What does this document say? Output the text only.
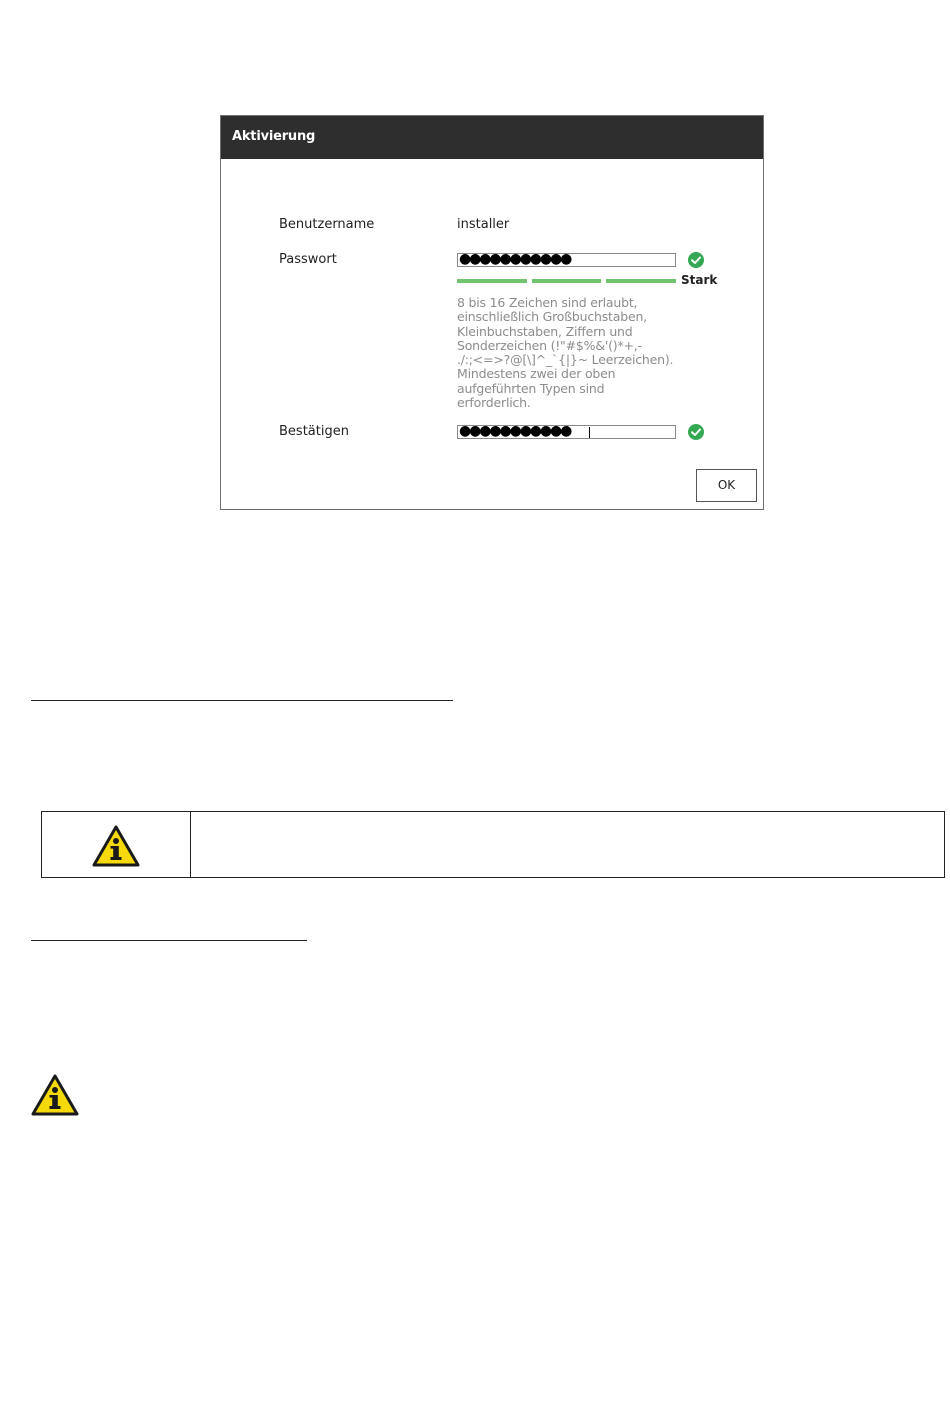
Aktivierung
Benutzername	installer
Passwort	●●●●●●●●●●●
Stark
8 bis 16 Zeichen sind erlaubt,
einschließlich Großbuchstaben,
Kleinbuchstaben, Ziffern und
Sonderzeichen (!"#$%&'()*+,-
./:;<=>?@[\]^_`{|}~ Leerzeichen).
Mindestens zwei der oben
aufgeführten Typen sind
erforderlich.
Bestätigen	●●●●●●●●●●●
OK
